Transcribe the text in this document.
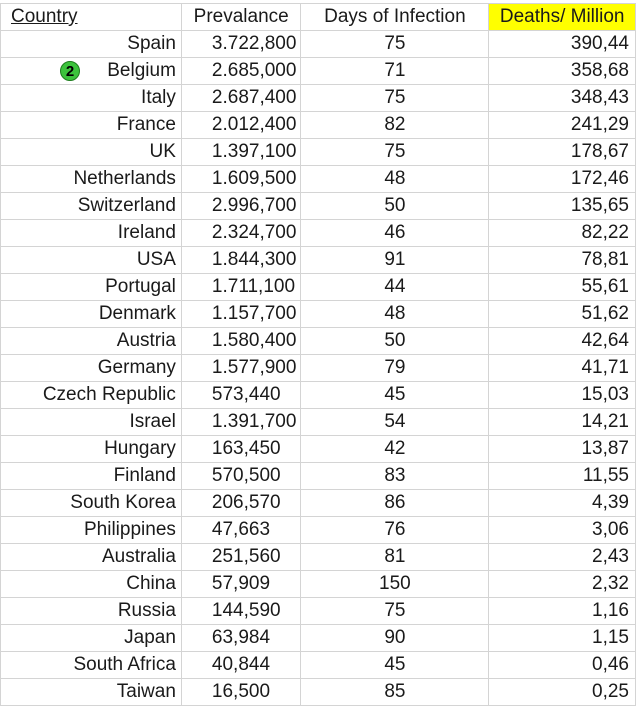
Country	Prevalance	Days of Infection	Deaths/ Million
Spain	3.722,800	75	390,44

2 Belgium	2.685,000	71	358,68
Italy	2.687,400	75	348,43
France	2.012,400	82	241,29
UK	1.397,100	75	178,67
Netherlands	1.609,500	48	172,46
Switzerland	2.996,700	50	135,65
Ireland	2.324,700	46	82,22
USA	1.844,300	91	78,81
Portugal	1.711,100	44	55,61
Denmark	1.157,700	48	51,62
Austria	1.580,400	50	42,64
Germany	1.577,900	79	41,71
Czech Republic	573,440	45	15,03
Israel	1.391,700	54	14,21
Hungary	163,450	42	13,87
Finland	570,500	83	11,55
South Korea	206,570	86	4,39
Philippines	47,663	76	3,06
Australia	251,560	81	2,43
China	57,909	150	2,32
Russia	144,590	75	1,16
Japan	63,984	90	1,15
South Africa	40,844	45	0,46
Taiwan	16,500	85	0,25
